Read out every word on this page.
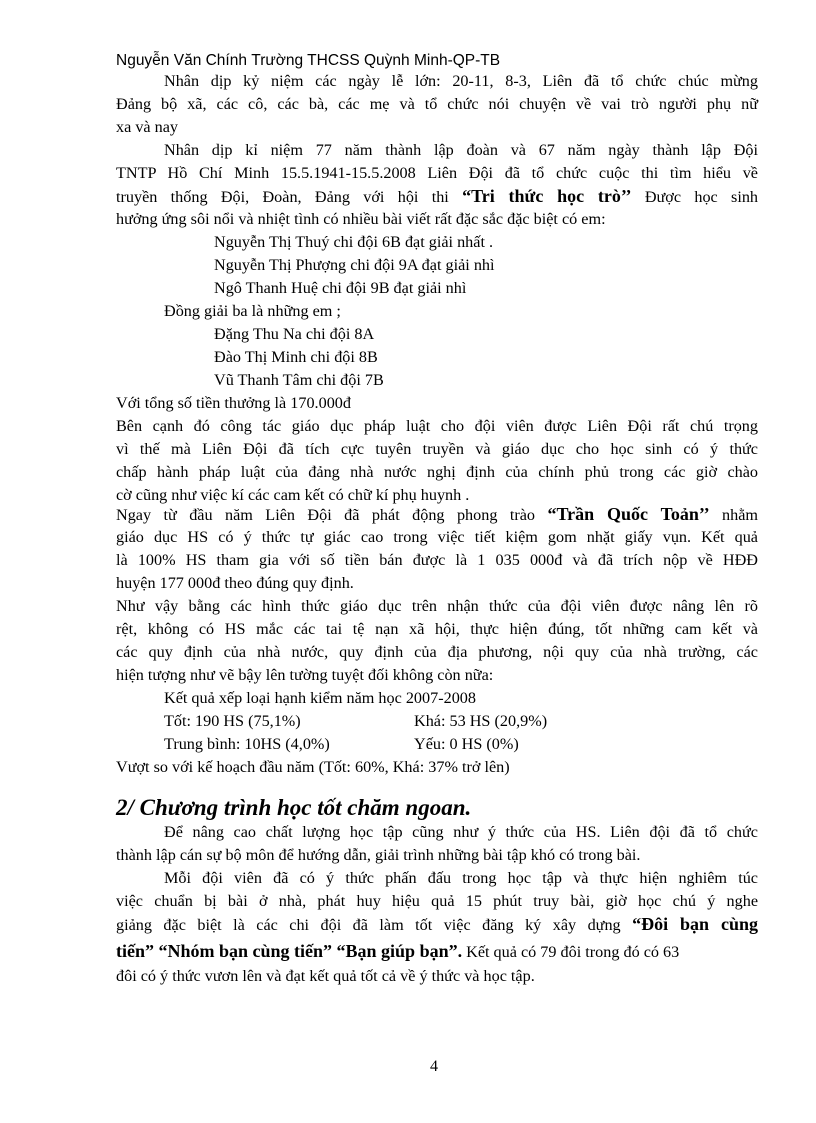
Nguyễn Văn Chính Trường THCSS Quỳnh Minh-QP-TB
Nhân dịp kỷ niệm các ngày lễ lớn: 20-11, 8-3, Liên đã tổ chức chúc mừng
Đảng bộ xã, các cô, các bà, các mẹ và tổ chức nói chuyện về vai trò người phụ nữ
xa và nay
Nhân dịp kỉ niệm 77 năm thành lập đoàn và 67 năm ngày thành lập Đội
TNTP Hồ Chí Minh 15.5.1941-15.5.2008 Liên Đội đã tổ chức cuộc thi tìm hiểu về
truyền thống Đội, Đoàn, Đảng với hội thi “Tri thức học trò’’ Được học sinh
hưởng ứng sôi nổi và nhiệt tình có nhiều bài viết rất đặc sắc đặc biệt có em:
Nguyễn Thị Thuý chi đội 6B đạt giải nhất .
Nguyễn Thị Phượng chi đội 9A đạt giải nhì
Ngô Thanh Huệ chi đội 9B đạt giải nhì
Đồng giải ba là những em ;
Đặng Thu Na chi đội 8A
Đào Thị Minh chi đội 8B
Vũ Thanh Tâm chi đội 7B
Với tổng số tiền thưởng là 170.000đ
Bên cạnh đó công tác giáo dục pháp luật cho đội viên được Liên Đội rất chú trọng
vì thế mà Liên Đội đã tích cực tuyên truyền và giáo dục cho học sinh có ý thức
chấp hành pháp luật của đảng nhà nước nghị định của chính phủ trong các giờ chào
cờ cũng như việc kí các cam kết có chữ kí phụ huynh .
Ngay từ đầu năm Liên Đội đã phát động phong trào “Trần Quốc Toản’’ nhằm
giáo dục HS có ý thức tự giác cao trong việc tiết kiệm gom nhặt giấy vụn. Kết quả
là 100% HS tham gia với số tiền bán được là 1 035 000đ và đã trích nộp về HĐĐ
huyện 177 000đ theo đúng quy định.
Như vậy bằng các hình thức giáo dục trên nhận thức của đội viên được nâng lên rõ
rệt, không có HS mắc các tai tệ nạn xã hội, thực hiện đúng, tốt những cam kết và
các quy định của nhà nước, quy định của địa phương, nội quy của nhà trường, các
hiện tượng như vẽ bậy lên tường tuyệt đối không còn nữa:
Kết quả xếp loại hạnh kiểm năm học 2007-2008
Tốt: 190 HS (75,1%)	Khá: 53 HS (20,9%)
Trung bình: 10HS (4,0%)	Yếu: 0 HS (0%)
Vượt so với kế hoạch đầu năm (Tốt: 60%, Khá: 37% trở lên)
2/ Chương trình học tốt chăm ngoan.
Để nâng cao chất lượng học tập cũng như ý thức của HS. Liên đội đã tổ chức
thành lập cán sự bộ môn để hướng dẫn, giải trình những bài tập khó có trong bài.
Mỗi đội viên đã có ý thức phấn đấu trong học tập và thực hiện nghiêm túc
việc chuẩn bị bài ở nhà, phát huy hiệu quả 15 phút truy bài, giờ học chú ý nghe
giảng đặc biệt là các chi đội đã làm tốt việc đăng ký xây dựng “Đôi bạn cùng
tiến” “Nhóm bạn cùng tiến” “Bạn giúp bạn”. Kết quả có 79 đôi trong đó có 63
đôi có ý thức vươn lên và đạt kết quả tốt cả về ý thức và học tập.
4
